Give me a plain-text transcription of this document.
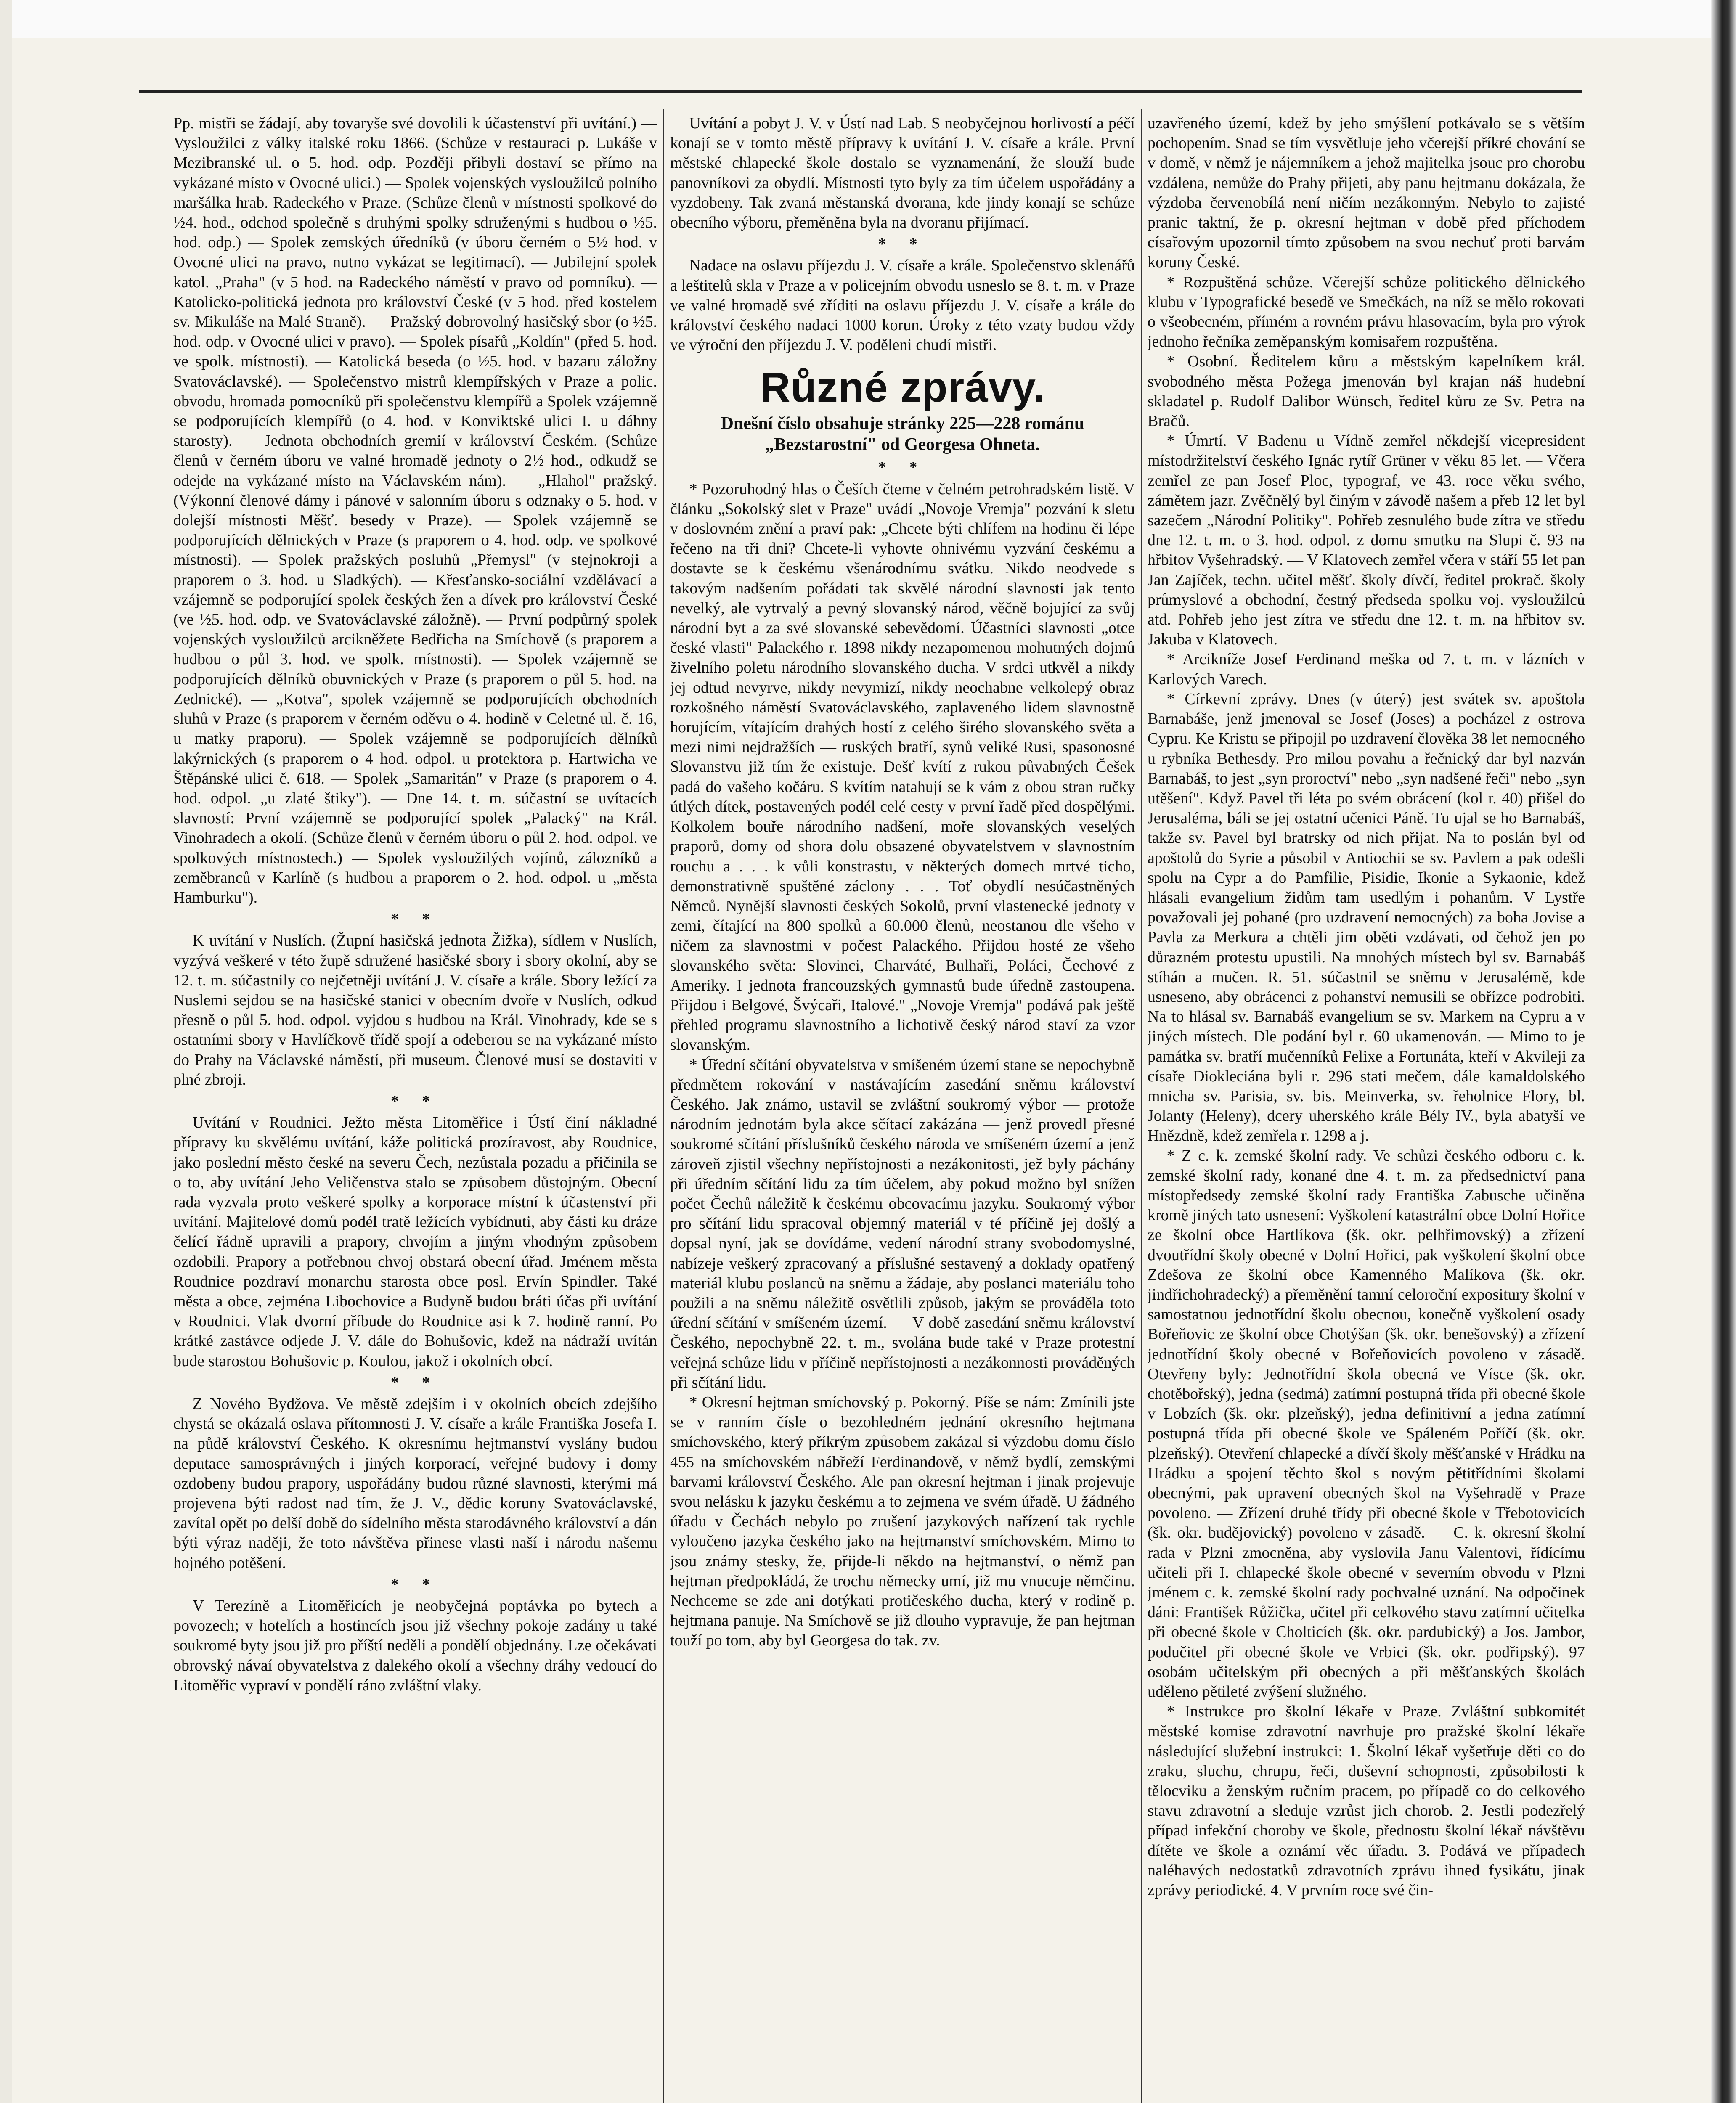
Pp. mistři se žádají, aby tovaryše své dovolili k účastenství při uvítání.) — Vysloužilci z války italské roku 1866. (Schůze v restauraci p. Lukáše v Mezibranské ul. o 5. hod. odp. Později přibyli dostaví se přímo na vykázané místo v Ovocné ulici.) — Spolek vojenských vysloužilců polního maršálka hrab. Radeckého v Praze. (Schůze členů v místnosti spolkové do ½4. hod., odchod společně s druhými spolky sdruženými s hudbou o ½5. hod. odp.) — Spolek zemských úředníků (v úboru černém o 5½ hod. v Ovocné ulici na pravo, nutno vykázat se legitimací). — Jubilejní spolek katol. „Praha" (v 5 hod. na Radeckého náměstí v pravo od pomníku). — Katolicko-politická jednota pro království České (v 5 hod. před kostelem sv. Mikuláše na Malé Straně). — Pražský dobrovolný hasičský sbor (o ½5. hod. odp. v Ovocné ulici v pravo). — Spolek písařů „Koldín" (před 5. hod. ve spolk. místnosti). — Katolická beseda (o ½5. hod. v bazaru záložny Svatováclavské). — Společenstvo mistrů klempířských v Praze a polic. obvodu, hromada pomocníků při společenstvu klempířů a Spolek vzájemně se podporujících klempířů (o 4. hod. v Konviktské ulici I. u dáhny starosty). — Jednota obchodních gremií v království Českém. (Schůze členů v černém úboru ve valné hromadě jednoty o 2½ hod., odkudž se odejde na vykázané místo na Václavském nám). — „Hlahol" pražský. (Výkonní členové dámy i pánové v salonním úboru s odznaky o 5. hod. v dolejší místnosti Měšť. besedy v Praze). — Spolek vzájemně se podporujících dělnických v Praze (s praporem o 4. hod. odp. ve spolkové místnosti). — Spolek pražských posluhů „Přemysl" (v stejnokroji a praporem o 3. hod. u Sladkých). — Křesťansko-sociální vzdělávací a vzájemně se podporující spolek českých žen a dívek pro království České (ve ½5. hod. odp. ve Svatováclavské záložně). — První podpůrný spolek vojenských vysloužilců arcikněžete Bedřicha na Smíchově (s praporem a hudbou o půl 3. hod. ve spolk. místnosti). — Spolek vzájemně se podporujících dělníků obuvnických v Praze (s praporem o půl 5. hod. na Zednické). — „Kotva", spolek vzájemně se podporujících obchodních sluhů v Praze (s praporem v černém oděvu o 4. hodině v Celetné ul. č. 16, u matky praporu). — Spolek vzájemně se podporujících dělníků lakýrnických (s praporem o 4 hod. odpol. u protektora p. Hartwicha ve Štěpánské ulici č. 618. — Spolek „Samaritán" v Praze (s praporem o 4. hod. odpol. „u zlaté štiky"). — Dne 14. t. m. súčastní se uvítacích slavností: První vzájemně se podporující spolek „Palacký" na Král. Vinohradech a okolí. (Schůze členů v černém úboru o půl 2. hod. odpol. ve spolkových místnostech.) — Spolek vysloužilých vojínů, zálozníků a zeměbranců v Karlíně (s hudbou a praporem o 2. hod. odpol. u „města Hamburku").

* *

K uvítání v Nuslích. (Župní hasičská jednota Žižka), sídlem v Nuslích, vyzývá veškeré v této župě sdružené hasičské sbory i sbory okolní, aby se 12. t. m. súčastnily co nejčetněji uvítání J. V. císaře a krále. Sbory ležící za Nuslemi sejdou se na hasičské stanici v obecním dvoře v Nuslích, odkud přesně o půl 5. hod. odpol. vyjdou s hudbou na Král. Vinohrady, kde se s ostatními sbory v Havlíčkově třídě spojí a odeberou se na vykázané místo do Prahy na Václavské náměstí, při museum. Členové musí se dostaviti v plné zbroji.

* *

Uvítání v Roudnici. Ježto města Litoměřice i Ústí činí nákladné přípravy ku skvělému uvítání, káže politická prozíravost, aby Roudnice, jako poslední město české na severu Čech, nezůstala pozadu a přičinila se o to, aby uvítání Jeho Veličenstva stalo se způsobem důstojným. Obecní rada vyzvala proto veškeré spolky a korporace místní k účastenství při uvítání. Majitelové domů podél tratě ležících vybídnuti, aby části ku dráze čelící řádně upravili a prapory, chvojím a jiným vhodným způsobem ozdobili. Prapory a potřebnou chvoj obstará obecní úřad. Jménem města Roudnice pozdraví monarchu starosta obce posl. Ervín Spindler. Také města a obce, zejména Libochovice a Budyně budou bráti účas při uvítání v Roudnici. Vlak dvorní příbude do Roudnice asi k 7. hodině ranní. Po krátké zastávce odjede J. V. dále do Bohušovic, kdež na nádraží uvítán bude starostou Bohušovic p. Koulou, jakož i okolních obcí.

* *

Z Nového Bydžova. Ve městě zdejším i v okolních obcích zdejšího chystá se okázalá oslava přítomnosti J. V. císaře a krále Františka Josefa I. na půdě království Českého. K okresnímu hejtmanství vyslány budou deputace samosprávných i jiných korporací, veřejné budovy i domy ozdobeny budou prapory, uspořádány budou různé slavnosti, kterými má projevena býti radost nad tím, že J. V., dědic koruny Svatováclavské, zavítal opět po delší době do sídelního města starodávného království a dán býti výraz naději, že toto návštěva přinese vlasti naší i národu našemu hojného potěšení.

* *

V Terezíně a Litoměřicích je neobyčejná poptávka po bytech a povozech; v hotelích a hostincích jsou již všechny pokoje zadány u také soukromé byty jsou již pro příští neděli a pondělí objednány. Lze očekávati obrovský návaí obyvatelstva z dalekého okolí a všechny dráhy vedoucí do Litoměřic vypraví v pondělí ráno zvláštní vlaky.

Uvítání a pobyt J. V. v Ústí nad Lab. S neobyčejnou horlivostí a péčí konají se v tomto městě přípravy k uvítání J. V. císaře a krále. První městské chlapecké škole dostalo se vyznamenání, že slouží bude panovníkovi za obydlí. Místnosti tyto byly za tím účelem uspořádány a vyzdobeny. Tak zvaná městanská dvorana, kde jindy konají se schůze obecního výboru, přeměněna byla na dvoranu přijímací.

* *

Nadace na oslavu příjezdu J. V. císaře a krále. Společenstvo sklenářů a leštitelů skla v Praze a v policejním obvodu usneslo se 8. t. m. v Praze ve valné hromadě své zříditi na oslavu příjezdu J. V. císaře a krále do království českého nadaci 1000 korun. Úroky z této vzaty budou vždy ve výroční den příjezdu J. V. poděleni chudí mistři.

Různé zprávy.
Dnešní číslo obsahuje stránky 225—228 románu „Bezstarostní" od Georgesa Ohneta.
* *

* Pozoruhodný hlas o Češích čteme v čelném petrohradském listě. V článku „Sokolský slet v Praze" uvádí „Novoje Vremja" pozvání k sletu v doslovném znění a praví pak: „Chcete býti chlífem na hodinu či lépe řečeno na tři dni? Chcete-li vyhovte ohnivému vyzvání českému a dostavte se k českému všenárodnímu svátku. Nikdo neodvede s takovým nadšením pořádati tak skvělé národní slavnosti jak tento nevelký, ale vytrvalý a pevný slovanský národ, věčně bojující za svůj národní byt a za své slovanské sebevědomí. Účastníci slavnosti „otce české vlasti" Palackého r. 1898 nikdy nezapomenou mohutných dojmů živelního poletu národního slovanského ducha. V srdci utkvěl a nikdy jej odtud nevyrve, nikdy nevymizí, nikdy neochabne velkolepý obraz rozkošného náměstí Svatováclavského, zaplaveného lidem slavnostně horujícím, vítajícím drahých hostí z celého širého slovanského světa a mezi nimi nejdražších — ruských bratří, synů veliké Rusi, spasonosné Slovanstvu již tím že existuje. Dešť kvítí z rukou půvabných Češek padá do vašeho kočáru. S kvítím natahují se k vám z obou stran ručky útlých dítek, postavených podél celé cesty v první řadě před dospělými. Kolkolem bouře národního nadšení, moře slovanských veselých praporů, domy od shora dolu obsazené obyvatelstvem v slavnostním rouchu a . . . k vůli konstrastu, v některých domech mrtvé ticho, demonstrativně spuštěné záclony . . . Toť obydlí nesúčastněných Němců. Nynější slavnosti českých Sokolů, první vlastenecké jednoty v zemi, čítající na 800 spolků a 60.000 členů, neostanou dle všeho v ničem za slavnostmi v počest Palackého. Přijdou hosté ze všeho slovanského světa: Slovinci, Charváté, Bulhaři, Poláci, Čechové z Ameriky. I jednota francouzských gymnastů bude úředně zastoupena. Přijdou i Belgové, Švýcaři, Italové." „Novoje Vremja" podává pak ještě přehled programu slavnostního a lichotivě český národ staví za vzor slovanským.

* Úřední sčítání obyvatelstva v smíšeném území stane se nepochybně předmětem rokování v nastávajícím zasedání sněmu království Českého. Jak známo, ustavil se zvláštní soukromý výbor — protože národním jednotám byla akce sčítací zakázána — jenž provedl přesné soukromé sčítání příslušníků českého národa ve smíšeném území a jenž zároveň zjistil všechny nepřístojnosti a nezákonitosti, jež byly páchány při úředním sčítání lidu za tím účelem, aby pokud možno byl snížen počet Čechů náležitě k českému obcovacímu jazyku. Soukromý výbor pro sčítání lidu spracoval objemný materiál v té příčině jej došlý a dopsal nyní, jak se dovídáme, vedení národní strany svobodomyslné, nabízeje veškerý zpracovaný a příslušné sestavený a doklady opatřený materiál klubu poslanců na sněmu a žádaje, aby poslanci materiálu toho použili a na sněmu náležitě osvětlili způsob, jakým se prováděla toto úřední sčítání v smíšeném území. — V době zasedání sněmu království Českého, nepochybně 22. t. m., svolána bude také v Praze protestní veřejná schůze lidu v příčině nepřístojnosti a nezákonnosti prováděných při sčítání lidu.

* Okresní hejtman smíchovský p. Pokorný. Píše se nám: Zmínili jste se v ranním čísle o bezohledném jednání okresního hejtmana smíchovského, který příkrým způsobem zakázal si výzdobu domu číslo 455 na smíchovském nábřeží Ferdinandově, v němž bydlí, zemskými barvami království Českého. Ale pan okresní hejtman i jinak projevuje svou nelásku k jazyku českému a to zejmena ve svém úřadě. U žádného úřadu v Čechách nebylo po zrušení jazykových nařízení tak rychle vyloučeno jazyka českého jako na hejtmanství smíchovském. Mimo to jsou známy stesky, že, přijde-li někdo na hejtmanství, o němž pan hejtman předpokládá, že trochu německy umí, již mu vnucuje němčinu. Nechceme se zde ani dotýkati protičeského ducha, který v rodině p. hejtmana panuje. Na Smíchově se již dlouho vypravuje, že pan hejtman touží po tom, aby byl Georgesa do tak. zv.

uzavřeného území, kdež by jeho smýšlení potkávalo se s větším pochopením. Snad se tím vysvětluje jeho včerejší příkré chování se v domě, v němž je nájemníkem a jehož majitelka jsouc pro chorobu vzdálena, nemůže do Prahy přijeti, aby panu hejtmanu dokázala, že výzdoba červenobílá není ničím nezákonným. Nebylo to zajisté pranic taktní, že p. okresní hejtman v době před příchodem císařovým upozornil tímto způsobem na svou nechuť proti barvám koruny České.

* Rozpuštěná schůze. Včerejší schůze politického dělnického klubu v Typografické besedě ve Smečkách, na níž se mělo rokovati o všeobecném, přímém a rovném právu hlasovacím, byla pro výrok jednoho řečníka zeměpanským komisařem rozpuštěna.

* Osobní. Ředitelem kůru a městským kapelníkem král. svobodného města Požega jmenován byl krajan náš hudební skladatel p. Rudolf Dalibor Wünsch, ředitel kůru ze Sv. Petra na Bračů.

* Úmrtí. V Badenu u Vídně zemřel někdejší vicepresident místodržitelství českého Ignác rytíř Grüner v věku 85 let. — Včera zemřel ze pan Josef Ploc, typograf, ve 43. roce věku svého, zámětem jazr. Zvěčnělý byl činým v závodě našem a přeb 12 let byl sazečem „Národní Politiky". Pohřeb zesnulého bude zítra ve středu dne 12. t. m. o 3. hod. odpol. z domu smutku na Slupi č. 93 na hřbitov Vyšehradský. — V Klatovech zemřel včera v stáří 55 let pan Jan Zajíček, techn. učitel měšť. školy dívčí, ředitel prokrač. školy průmyslové a obchodní, čestný předseda spolku voj. vysloužilců atd. Pohřeb jeho jest zítra ve středu dne 12. t. m. na hřbitov sv. Jakuba v Klatovech.

* Arcikníže Josef Ferdinand meška od 7. t. m. v lázních v Karlových Varech.

* Církevní zprávy. Dnes (v úterý) jest svátek sv. apoštola Barnabáše, jenž jmenoval se Josef (Joses) a pocházel z ostrova Cypru. Ke Kristu se připojil po uzdravení člověka 38 let nemocného u rybníka Bethesdy. Pro milou povahu a řečnický dar byl nazván Barnabáš, to jest „syn proroctví" nebo „syn nadšené řeči" nebo „syn utěšení". Když Pavel tři léta po svém obrácení (kol r. 40) přišel do Jerusaléma, báli se jej ostatní učenici Páně. Tu ujal se ho Barnabáš, takže sv. Pavel byl bratrsky od nich přijat. Na to poslán byl od apoštolů do Syrie a působil v Antiochii se sv. Pavlem a pak odešli spolu na Cypr a do Pamfilie, Pisidie, Ikonie a Sykaonie, kdež hlásali evangelium židům tam usedlým i pohanům. V Lystře považovali jej pohané (pro uzdravení nemocných) za boha Jovise a Pavla za Merkura a chtěli jim oběti vzdávati, od čehož jen po důrazném protestu upustili. Na mnohých místech byl sv. Barnabáš stíhán a mučen. R. 51. súčastnil se sněmu v Jerusalémě, kde usneseno, aby obrácenci z pohanství nemusili se obřízce podrobiti. Na to hlásal sv. Barnabáš evangelium se sv. Markem na Cypru a v jiných místech. Dle podání byl r. 60 ukamenován. — Mimo to je památka sv. bratří mučenníků Felixe a Fortunáta, kteří v Akvileji za císaře Diokleciána byli r. 296 stati mečem, dále kamaldolského mnicha sv. Parisia, sv. bis. Meinverka, sv. řeholnice Flory, bl. Jolanty (Heleny), dcery uherského krále Bély IV., byla abatyší ve Hnězdně, kdež zemřela r. 1298 a j.

* Z c. k. zemské školní rady. Ve schůzi českého odboru c. k. zemské školní rady, konané dne 4. t. m. za předsednictví pana místopředsedy zemské školní rady Františka Zabusche učiněna kromě jiných tato usnesení: Vyškolení katastrální obce Dolní Hořice ze školní obce Hartlíkova (šk. okr. pelhřimovský) a zřízení dvoutřídní školy obecné v Dolní Hořici, pak vyškolení školní obce Zdešova ze školní obce Kamenného Malíkova (šk. okr. jindřichohradecký) a přeměnění tamní celoroční expositury školní v samostatnou jednotřídní školu obecnou, konečně vyškolení osady Bořeňovic ze školní obce Chotýšan (šk. okr. benešovský) a zřízení jednotřídní školy obecné v Bořeňovicích povoleno v zásadě. Otevřeny byly: Jednotřídní škola obecná ve Vísce (šk. okr. chotěbořský), jedna (sedmá) zatímní postupná třída při obecné škole v Lobzích (šk. okr. plzeňský), jedna definitivní a jedna zatímní postupná třída při obecné škole ve Spáleném Poříčí (šk. okr. plzeňský). Otevření chlapecké a dívčí školy měšťanské v Hrádku na Hrádku a spojení těchto škol s novým pětitřídními školami obecnými, pak upravení obecných škol na Vyšehradě v Praze povoleno. — Zřízení druhé třídy při obecné škole v Třebotovicích (šk. okr. budějovický) povoleno v zásadě. — C. k. okresní školní rada v Plzni zmocněna, aby vyslovila Janu Valentovi, řídícímu učiteli při I. chlapecké škole obecné v severním obvodu v Plzni jménem c. k. zemské školní rady pochvalné uznání. Na odpočinek dáni: František Růžička, učitel při celkového stavu zatímní učitelka při obecné škole v Cholticích (šk. okr. pardubický) a Jos. Jambor, podučitel při obecné škole ve Vrbici (šk. okr. podřipský). 97 osobám učitelským při obecných a při měšťanských školách uděleno pětileté zvýšení služného.

* Instrukce pro školní lékaře v Praze. Zvláštní subkomitét městské komise zdravotní navrhuje pro pražské školní lékaře následující služební instrukci: 1. Školní lékař vyšetřuje děti co do zraku, sluchu, chrupu, řeči, duševní schopnosti, způsobilosti k tělocviku a ženským ručním pracem, po případě co do celkového stavu zdravotní a sleduje vzrůst jich chorob. 2. Jestli podezřelý případ infekční choroby ve škole, přednostu školní lékař návštěvu dítěte ve škole a oznámí věc úřadu. 3. Podává ve případech naléhavých nedostatků zdravotních zprávu ihned fysikátu, jinak zprávy periodické. 4. V prvním roce své čin-
